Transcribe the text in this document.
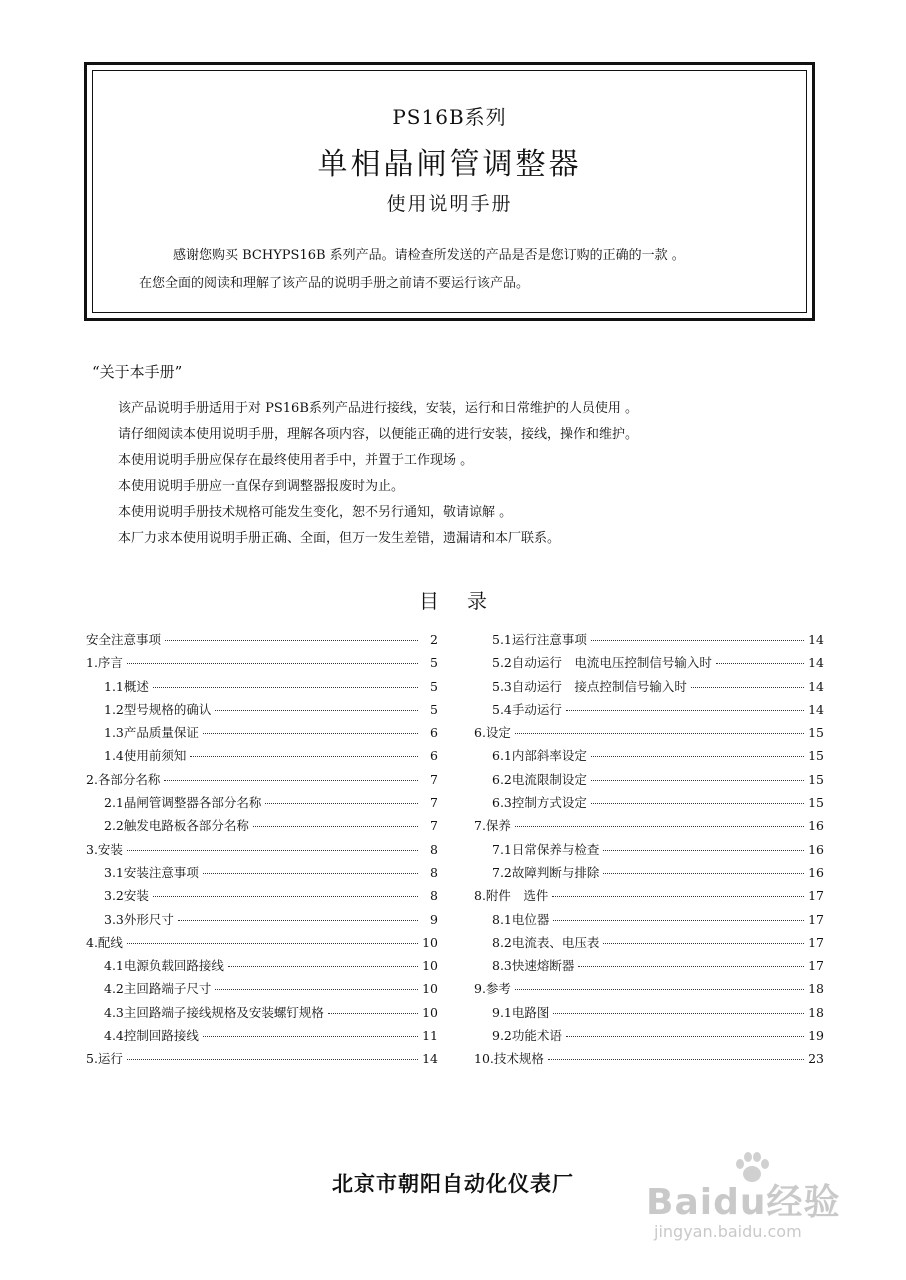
PS16B系列
单相晶闸管调整器
使用说明手册
感谢您购买 BCHYPS16B 系列产品。请检查所发送的产品是否是您订购的正确的一款 。
在您全面的阅读和理解了该产品的说明手册之前请不要运行该产品。
“关于本手册”
该产品说明手册适用于对 PS16B系列产品进行接线，安装，运行和日常维护的人员使用 。
请仔细阅读本使用说明手册，理解各项内容，以便能正确的进行安装，接线，操作和维护。
本使用说明手册应保存在最终使用者手中，并置于工作现场 。
本使用说明手册应一直保存到调整器报废时为止。
本使用说明手册技术规格可能发生变化，恕不另行通知，敬请谅解 。
本厂力求本使用说明手册正确、全面，但万一发生差错，遗漏请和本厂联系。
目录
安全注意事项	2
1.序言	5
1.1概述	5
1.2型号规格的确认	5
1.3产品质量保证	6
1.4使用前须知	6
2.各部分名称	7
2.1晶闸管调整器各部分名称	7
2.2触发电路板各部分名称	7
3.安装	8
3.1安装注意事项	8
3.2安装	8
3.3外形尺寸	9
4.配线	10
4.1电源负载回路接线	10
4.2主回路端子尺寸	10
4.3主回路端子接线规格及安装螺钉规格	10
4.4控制回路接线	11
5.运行	14
5.1运行注意事项	14
5.2自动运行　电流电压控制信号输入时	14
5.3自动运行　接点控制信号输入时	14
5.4手动运行	14
6.设定	15
6.1内部斜率设定	15
6.2电流限制设定	15
6.3控制方式设定	15
7.保养	16
7.1日常保养与检查	16
7.2故障判断与排除	16
8.附件　选件	17
8.1电位器	17
8.2电流表、电压表	17
8.3快速熔断器	17
9.参考	18
9.1电路图	18
9.2功能术语	19
10.技术规格	23
北京市朝阳自动化仪表厂	Baidu经验
jingyan.baidu.com
